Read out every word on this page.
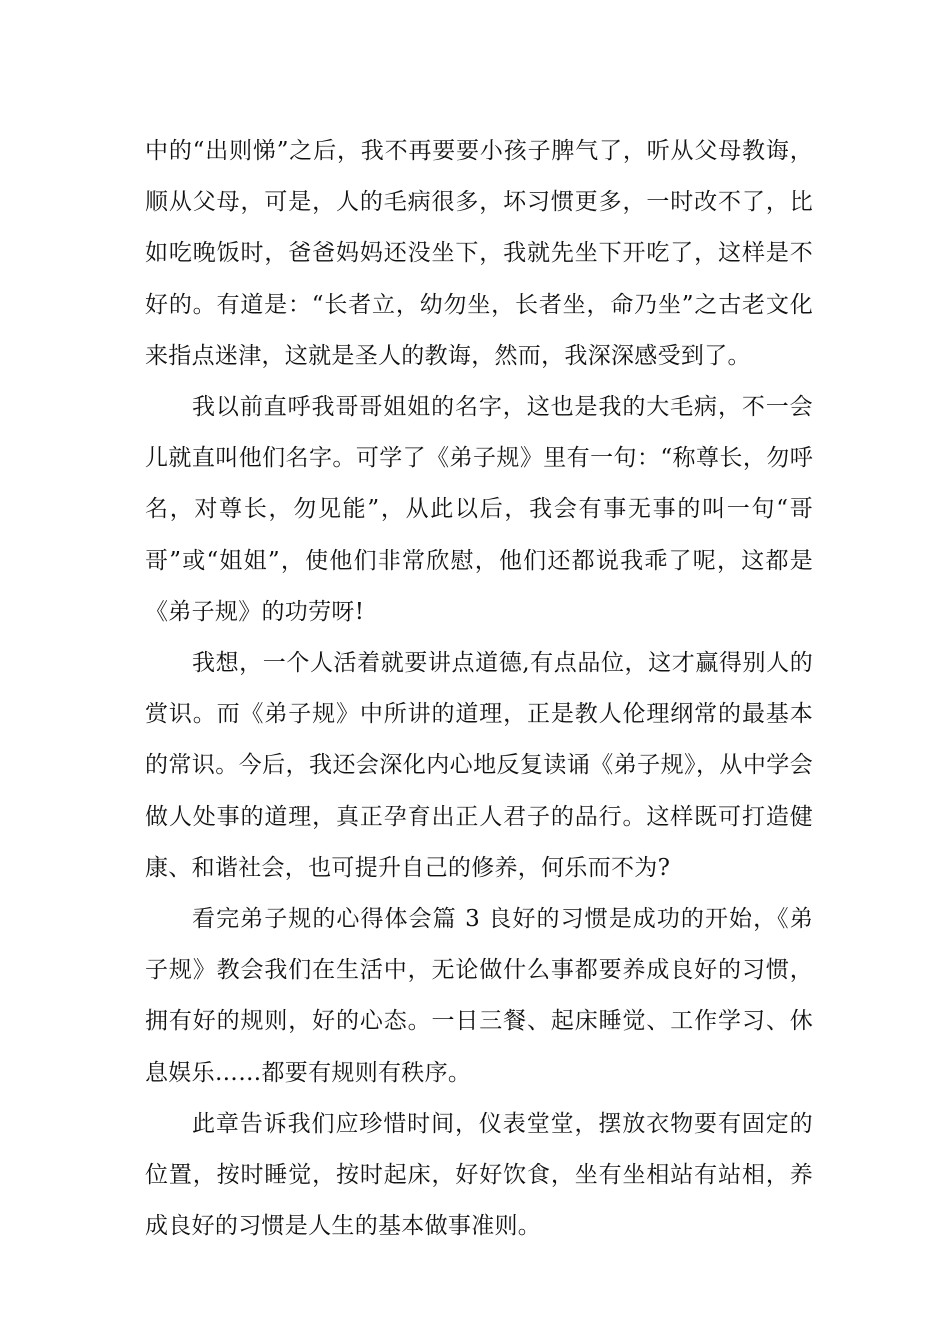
中的“出则悌”之后，我不再要要小孩子脾气了，听从父母教诲，顺从父母，可是，人的毛病很多，坏习惯更多，一时改不了，比如吃晚饭时，爸爸妈妈还没坐下，我就先坐下开吃了，这样是不好的。有道是：“长者立，幼勿坐，长者坐，命乃坐”之古老文化来指点迷津，这就是圣人的教诲，然而，我深深感受到了。

我以前直呼我哥哥姐姐的名字，这也是我的大毛病，不一会儿就直叫他们名字。可学了《弟子规》里有一句：“称尊长，勿呼名，对尊长，勿见能”，从此以后，我会有事无事的叫一句“哥哥”或“姐姐”，使他们非常欣慰，他们还都说我乖了呢，这都是《弟子规》的功劳呀!

我想，一个人活着就要讲点道德,有点品位，这才赢得别人的赏识。而《弟子规》中所讲的道理，正是教人伦理纲常的最基本的常识。今后，我还会深化内心地反复读诵《弟子规》，从中学会做人处事的道理，真正孕育出正人君子的品行。这样既可打造健康、和谐社会，也可提升自己的修养，何乐而不为?

看完弟子规的心得体会篇 3 良好的习惯是成功的开始，《弟子规》教会我们在生活中，无论做什么事都要养成良好的习惯，拥有好的规则，好的心态。一日三餐、起床睡觉、工作学习、休息娱乐……都要有规则有秩序。

此章告诉我们应珍惜时间，仪表堂堂，摆放衣物要有固定的位置，按时睡觉，按时起床，好好饮食，坐有坐相站有站相，养成良好的习惯是人生的基本做事准则。
